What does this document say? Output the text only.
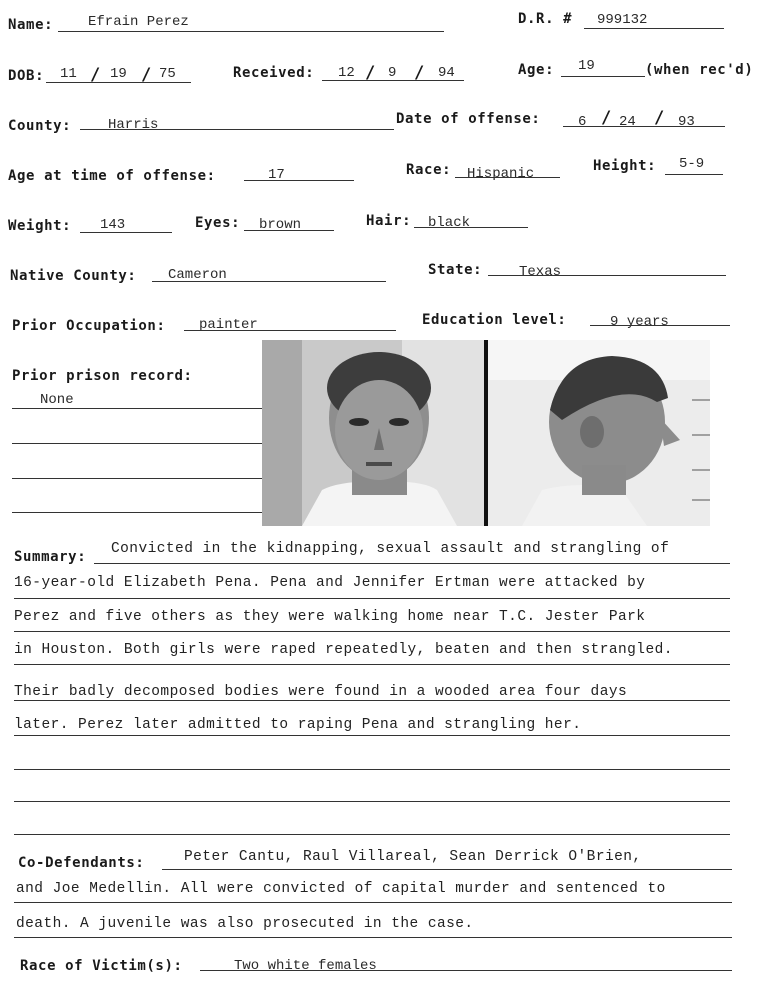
Name: Efrain Perez	D.R. # 999132
DOB: 11 / 19 / 75	Received: 12 / 9 / 94	Age: 19	(when rec'd)
County:	Harris	Date of offense:	6 / 24 / 93
Age at time of offense:	17	Race: Hispanic	Height: 5-9
Weight: 143	Eyes: brown	Hair: black
Native County: Cameron	State:	Texas
Prior Occupation: painter	Education level:	9 years
Prior prison record:
None
Summary: Convicted in the kidnapping, sexual assault and strangling of
16-year-old Elizabeth Pena. Pena and Jennifer Ertman were attacked by
Perez and five others as they were walking home near T.C. Jester Park
in Houston. Both girls were raped repeatedly, beaten and then strangled.
Their badly decomposed bodies were found in a wooded area four days
later. Perez later admitted to raping Pena and strangling her.
Co-Defendants:	Peter Cantu, Raul Villareal, Sean Derrick O'Brien,
and Joe Medellin. All were convicted of capital murder and sentenced to
death. A juvenile was also prosecuted in the case.
Race of Victim(s):	Two white females
